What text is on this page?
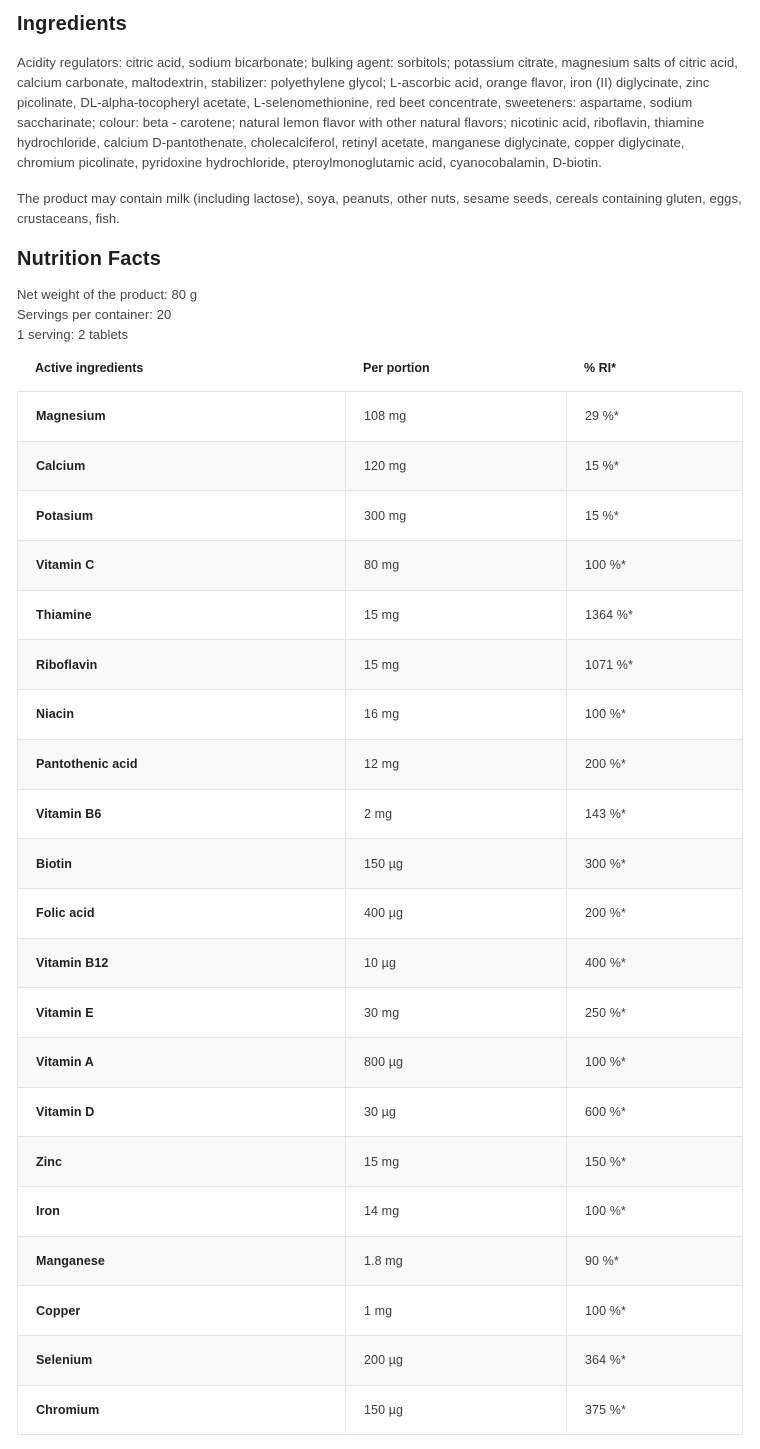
Ingredients

Acidity regulators: citric acid, sodium bicarbonate; bulking agent: sorbitols; potassium citrate, magnesium salts of citric acid, calcium carbonate, maltodextrin, stabilizer: polyethylene glycol; L-ascorbic acid, orange flavor, iron (II) diglycinate, zinc picolinate, DL-alpha-tocopheryl acetate, L-selenomethionine, red beet concentrate, sweeteners: aspartame, sodium saccharinate; colour: beta - carotene; natural lemon flavor with other natural flavors; nicotinic acid, riboflavin, thiamine hydrochloride, calcium D-pantothenate, cholecalciferol, retinyl acetate, manganese diglycinate, copper diglycinate, chromium picolinate, pyridoxine hydrochloride, pteroylmonoglutamic acid, cyanocobalamin, D-biotin.

The product may contain milk (including lactose), soya, peanuts, other nuts, sesame seeds, cereals containing gluten, eggs, crustaceans, fish.

Nutrition Facts

Net weight of the product: 80 g

Servings per container: 20

1 serving: 2 tablets

Active ingredients	Per portion	% RI*
Magnesium	108 mg	29 %*
Calcium	120 mg	15 %*
Potasium	300 mg	15 %*
Vitamin C	80 mg	100 %*
Thiamine	15 mg	1364 %*
Riboflavin	15 mg	1071 %*
Niacin	16 mg	100 %*
Pantothenic acid	12 mg	200 %*
Vitamin B6	2 mg	143 %*
Biotin	150 µg	300 %*
Folic acid	400 µg	200 %*
Vitamin B12	10 µg	400 %*
Vitamin E	30 mg	250 %*
Vitamin A	800 µg	100 %*
Vitamin D	30 µg	600 %*
Zinc	15 mg	150 %*
Iron	14 mg	100 %*
Manganese	1.8 mg	90 %*
Copper	1 mg	100 %*
Selenium	200 µg	364 %*
Chromium	150 µg	375 %*
